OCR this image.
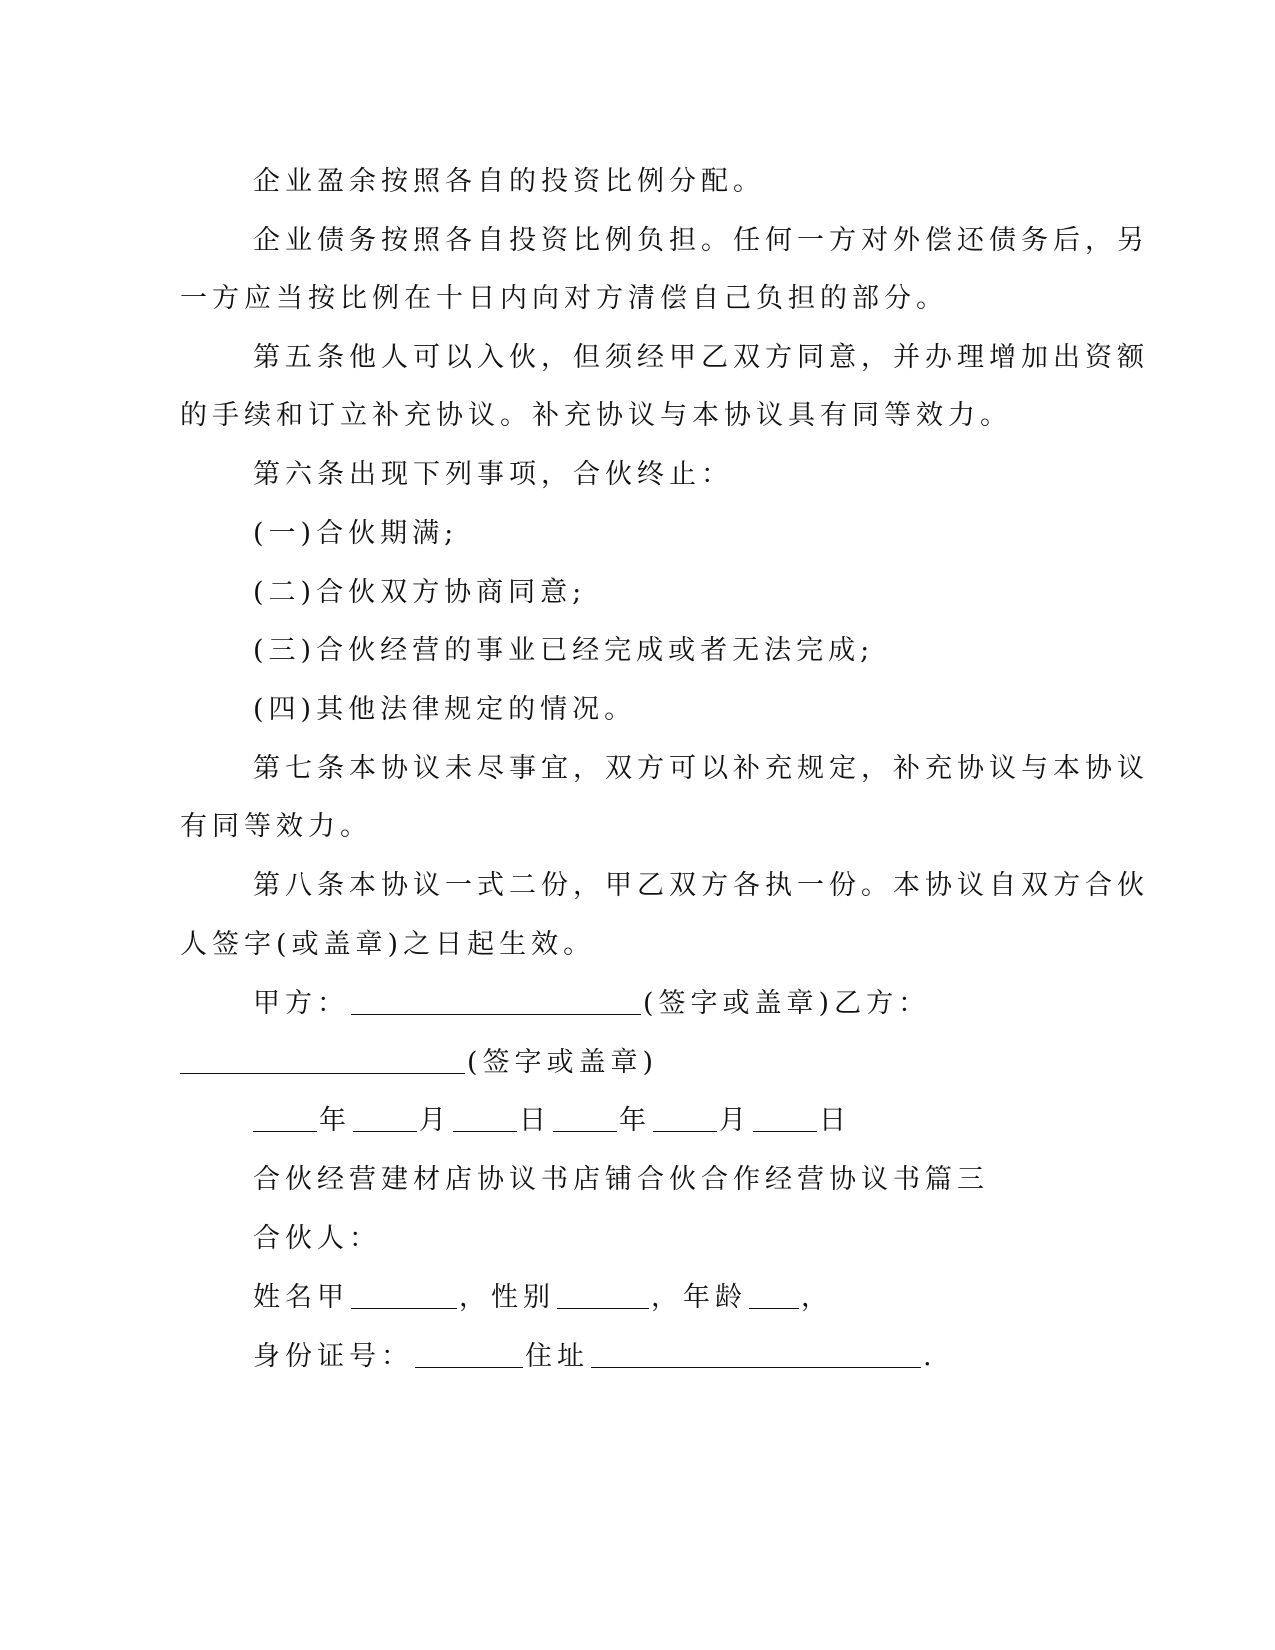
企业盈余按照各自的投资比例分配。
企业债务按照各自投资比例负担。任何一方对外偿还债务后，另
一方应当按比例在十日内向对方清偿自己负担的部分。
第五条他人可以入伙，但须经甲乙双方同意，并办理增加出资额
的手续和订立补充协议。补充协议与本协议具有同等效力。
第六条出现下列事项，合伙终止：
(一)合伙期满;
(二)合伙双方协商同意;
(三)合伙经营的事业已经完成或者无法完成;
(四)其他法律规定的情况。
第七条本协议未尽事宜，双方可以补充规定，补充协议与本协议
有同等效力。
第八条本协议一式二份，甲乙双方各执一份。本协议自双方合伙
人签字(或盖章)之日起生效。
甲方：	(签字或盖章)乙方：
(签字或盖章)
年	月	日	年	月	日
合伙经营建材店协议书店铺合伙合作经营协议书篇三
合伙人：
姓名甲	，性别	，年龄 ，
身份证号：	住址	.
